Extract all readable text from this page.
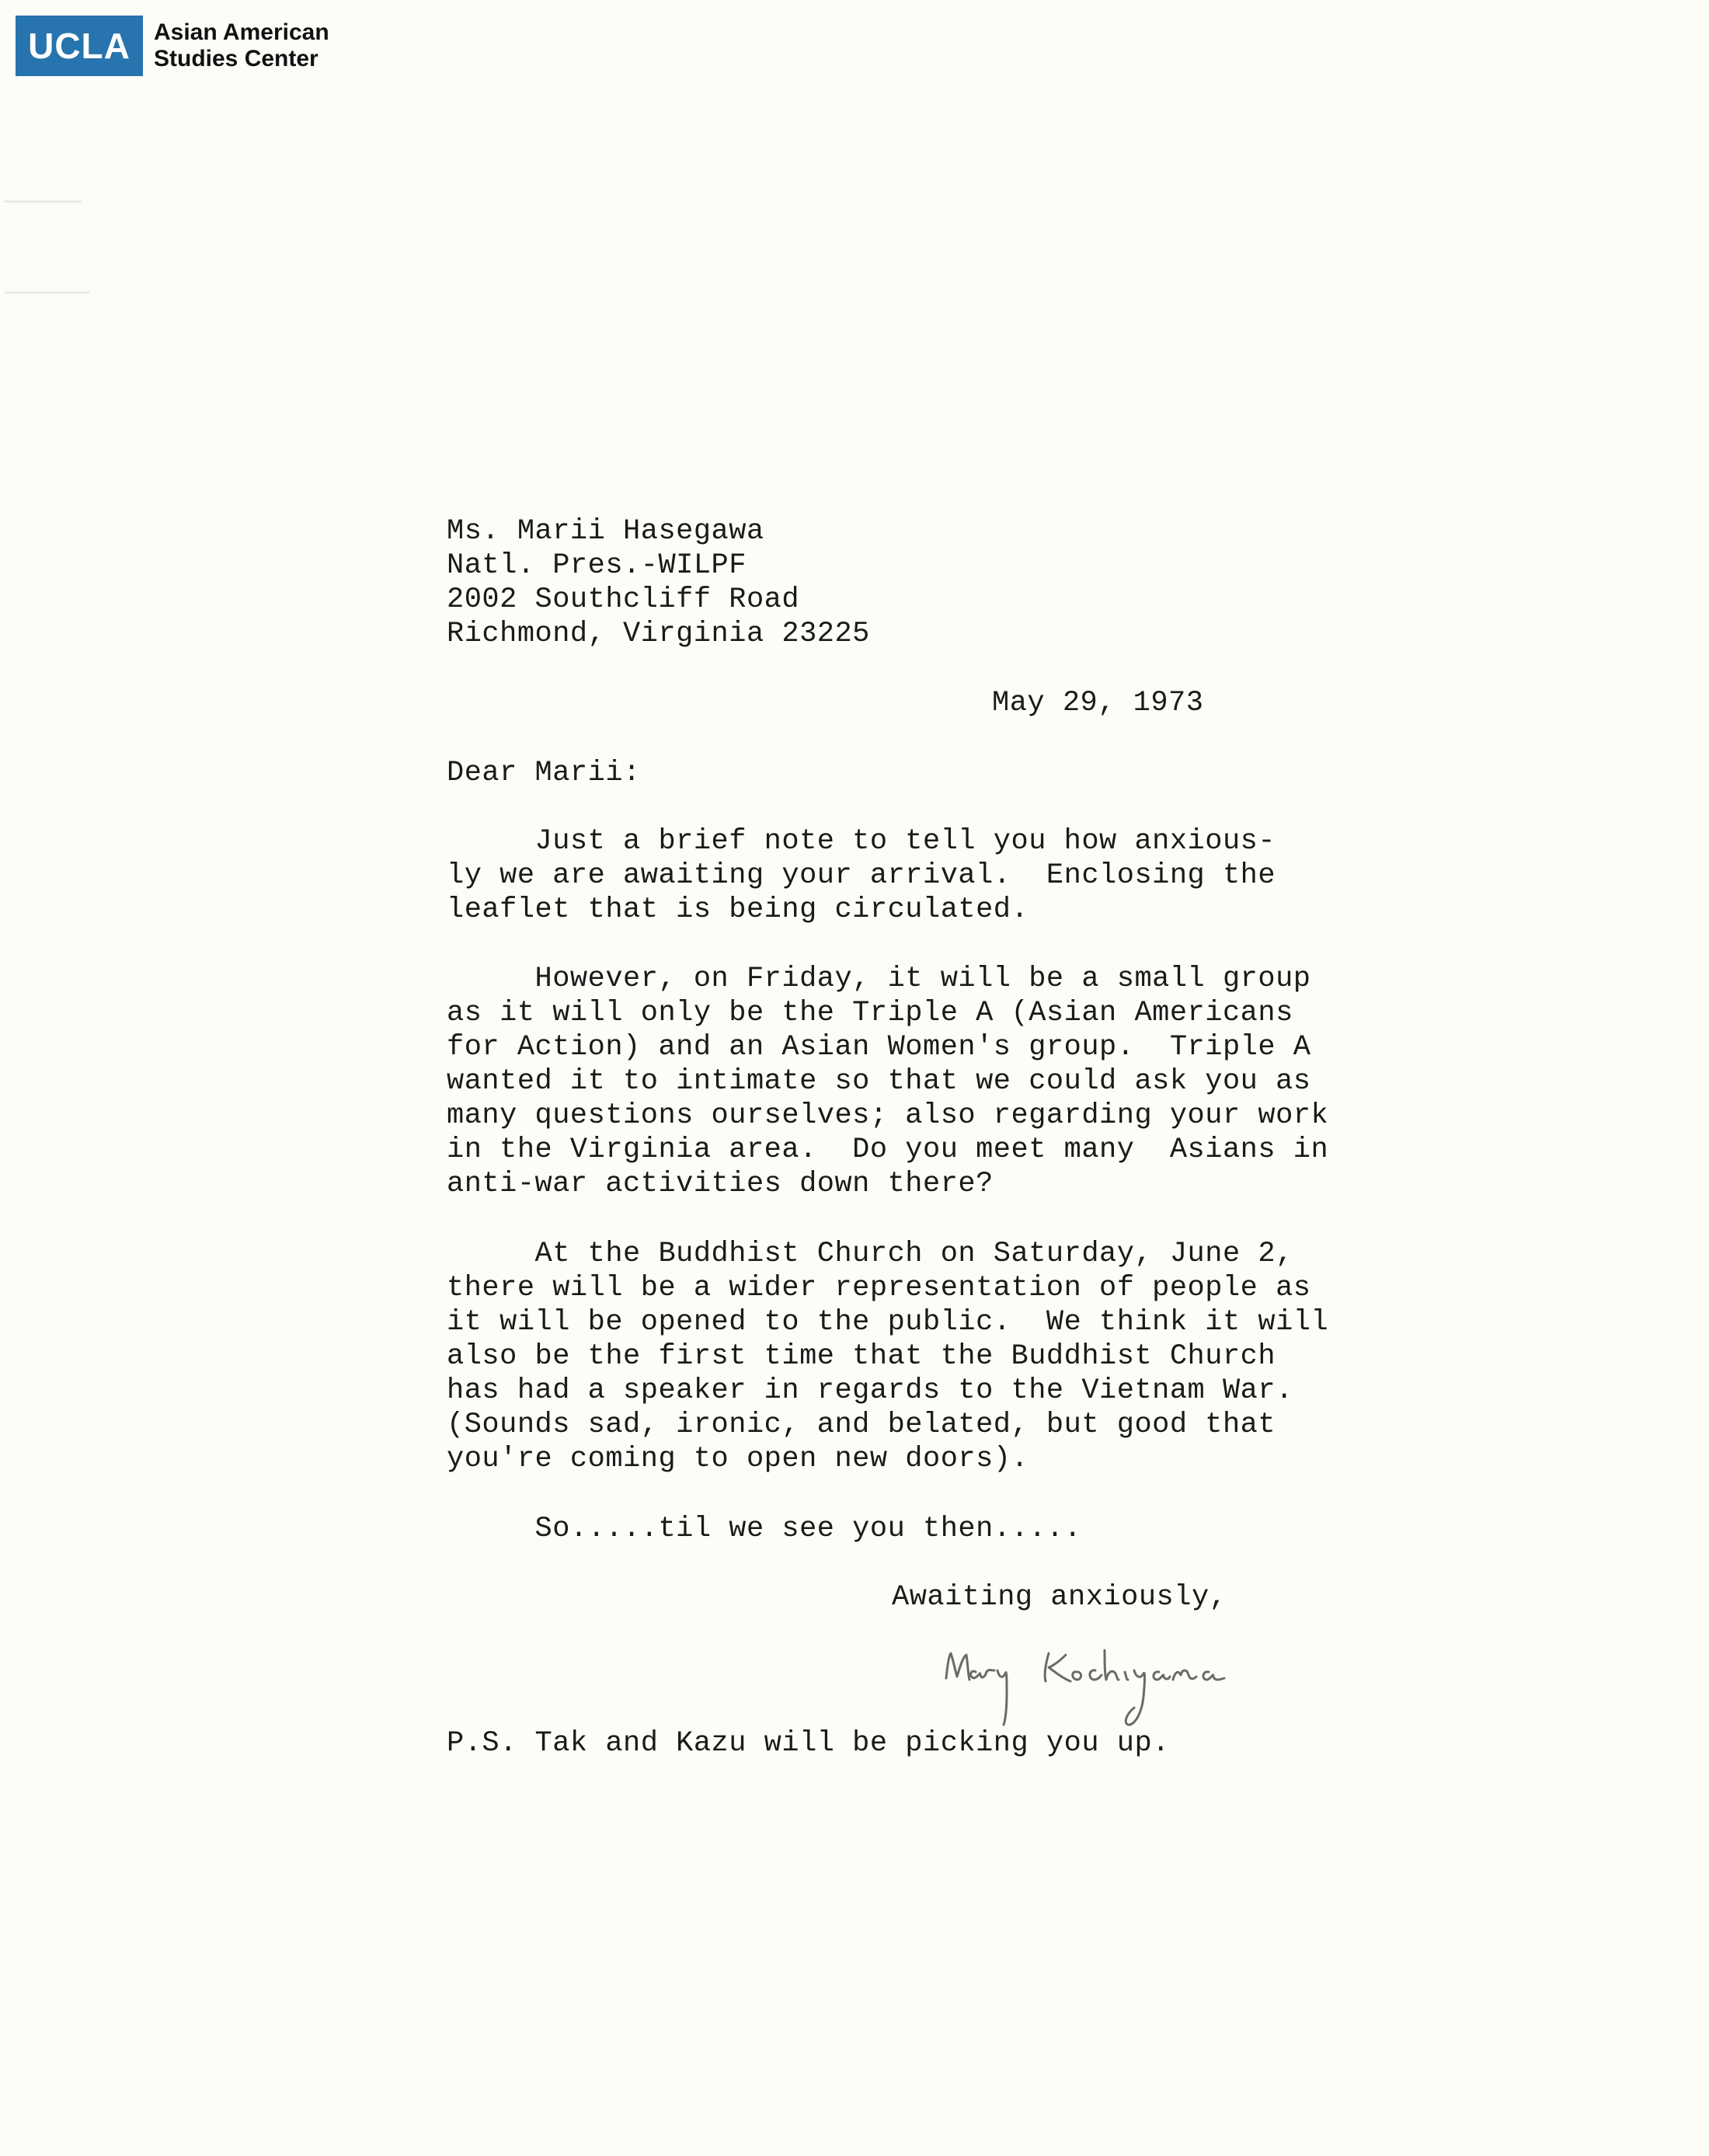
UCLA	Asian American
Studies Center
Ms. Marii Hasegawa
Natl. Pres.-WILPF
2002 Southcliff Road
Richmond, Virginia 23225
May 29, 1973
Dear Marii:
Just a brief note to tell you how anxious-
ly we are awaiting your arrival.  Enclosing the
leaflet that is being circulated.
However, on Friday, it will be a small group
as it will only be the Triple A (Asian Americans
for Action) and an Asian Women's group.  Triple A
wanted it to intimate so that we could ask you as
many questions ourselves; also regarding your work
in the Virginia area.  Do you meet many  Asians in
anti-war activities down there?
At the Buddhist Church on Saturday, June 2,
there will be a wider representation of people as
it will be opened to the public.  We think it will
also be the first time that the Buddhist Church
has had a speaker in regards to the Vietnam War.
(Sounds sad, ironic, and belated, but good that
you're coming to open new doors).
So.....til we see you then.....
Awaiting anxiously,
P.S. Tak and Kazu will be picking you up.
